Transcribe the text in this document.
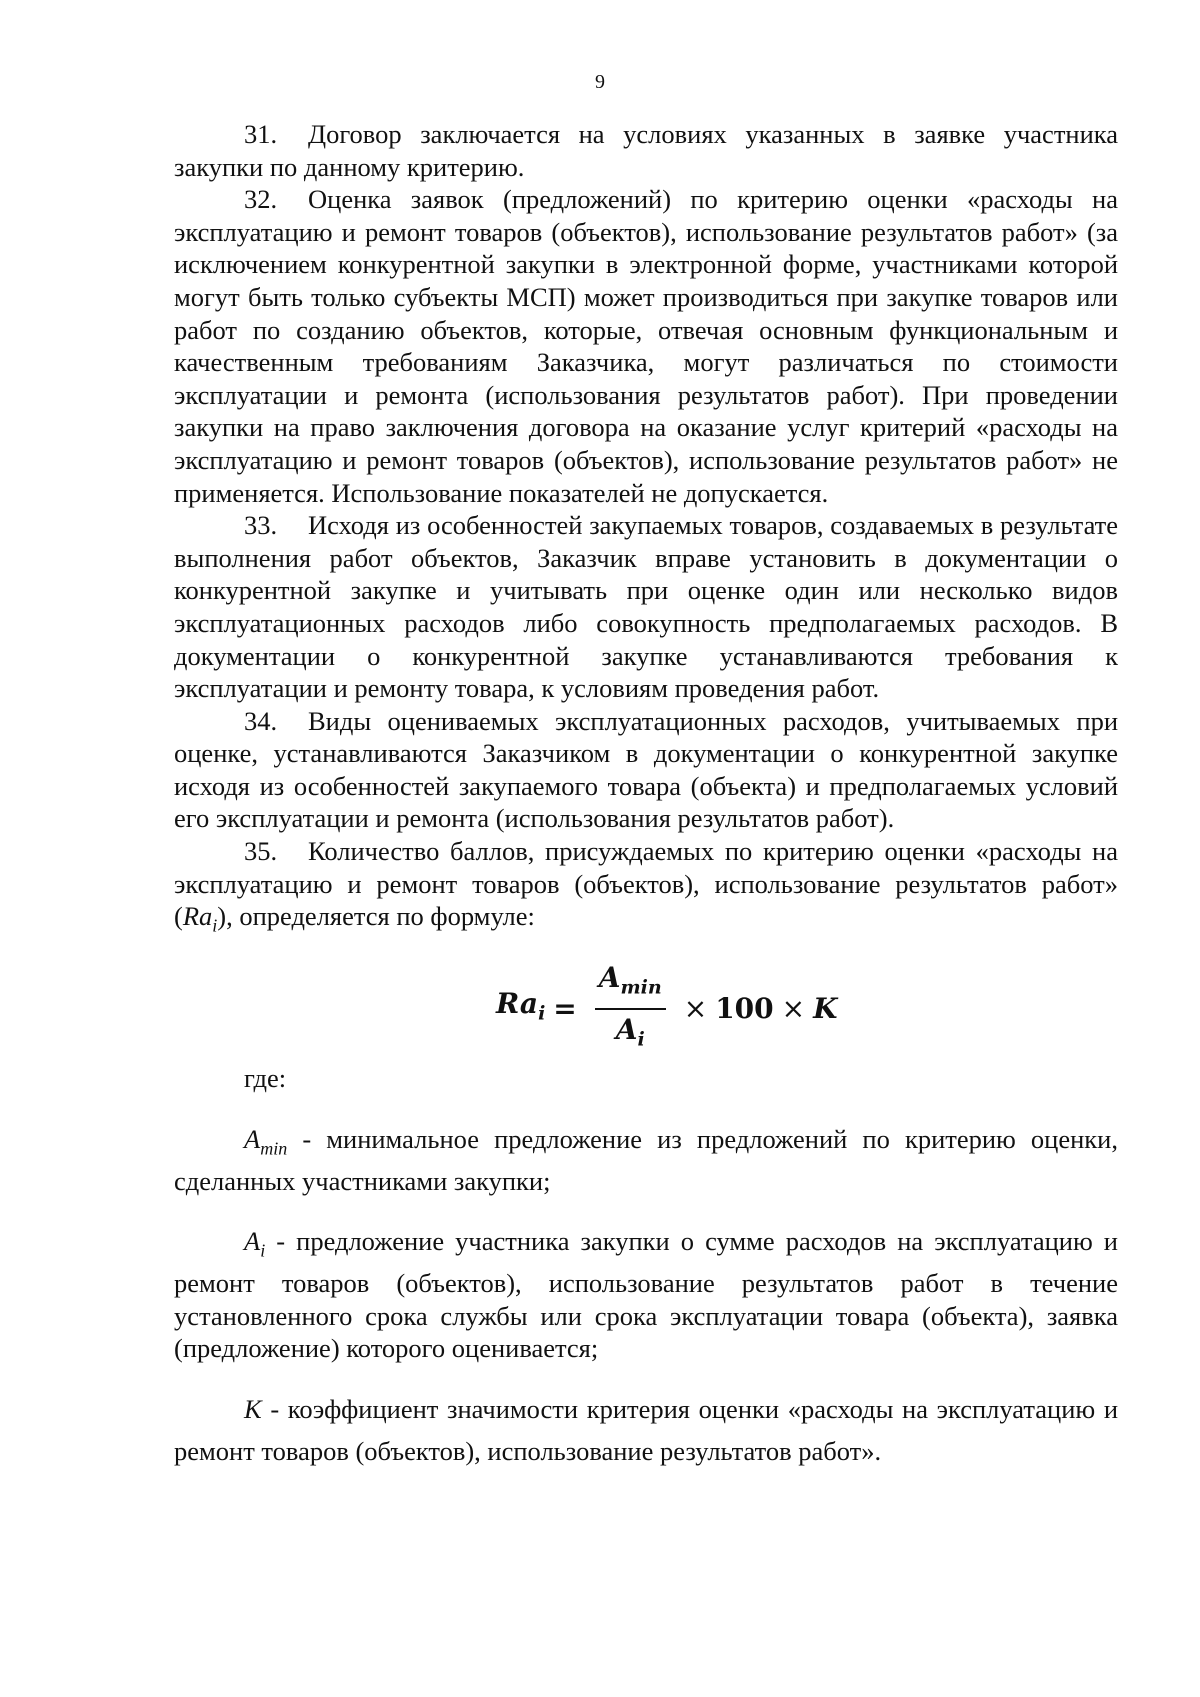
9

31. Договор заключается на условиях указанных в заявке участника закупки по данному критерию.

32. Оценка заявок (предложений) по критерию оценки «расходы на эксплуатацию и ремонт товаров (объектов), использование результатов работ» (за исключением конкурентной закупки в электронной форме, участниками которой могут быть только субъекты МСП) может производиться при закупке товаров или работ по созданию объектов, которые, отвечая основным функциональным и качественным требованиям Заказчика, могут различаться по стоимости эксплуатации и ремонта (использования результатов работ). При проведении закупки на право заключения договора на оказание услуг критерий «расходы на эксплуатацию и ремонт товаров (объектов), использование результатов работ» не применяется. Использование показателей не допускается.

33. Исходя из особенностей закупаемых товаров, создаваемых в результате выполнения работ объектов, Заказчик вправе установить в документации о конкурентной закупке и учитывать при оценке один или несколько видов эксплуатационных расходов либо совокупность предполагаемых расходов. В документации о конкурентной закупке устанавливаются требования к эксплуатации и ремонту товара, к условиям проведения работ.

34. Виды оцениваемых эксплуатационных расходов, учитываемых при оценке, устанавливаются Заказчиком в документации о конкурентной закупке исходя из особенностей закупаемого товара (объекта) и предполагаемых условий его эксплуатации и ремонта (использования результатов работ).

35. Количество баллов, присуждаемых по критерию оценки «расходы на эксплуатацию и ремонт товаров (объектов), использование результатов работ» $(Ra_i)$, определяется по формуле:

$Ra_i = \frac{A_{min}}{A_i} \times 100 \times K$

где:

$A_{min}$ - минимальное предложение из предложений по критерию оценки, сделанных участниками закупки;

$A_i$ - предложение участника закупки о сумме расходов на эксплуатацию и ремонт товаров (объектов), использование результатов работ в течение установленного срока службы или срока эксплуатации товара (объекта), заявка (предложение) которого оценивается;

K - коэффициент значимости критерия оценки «расходы на эксплуатацию и ремонт товаров (объектов), использование результатов работ».
